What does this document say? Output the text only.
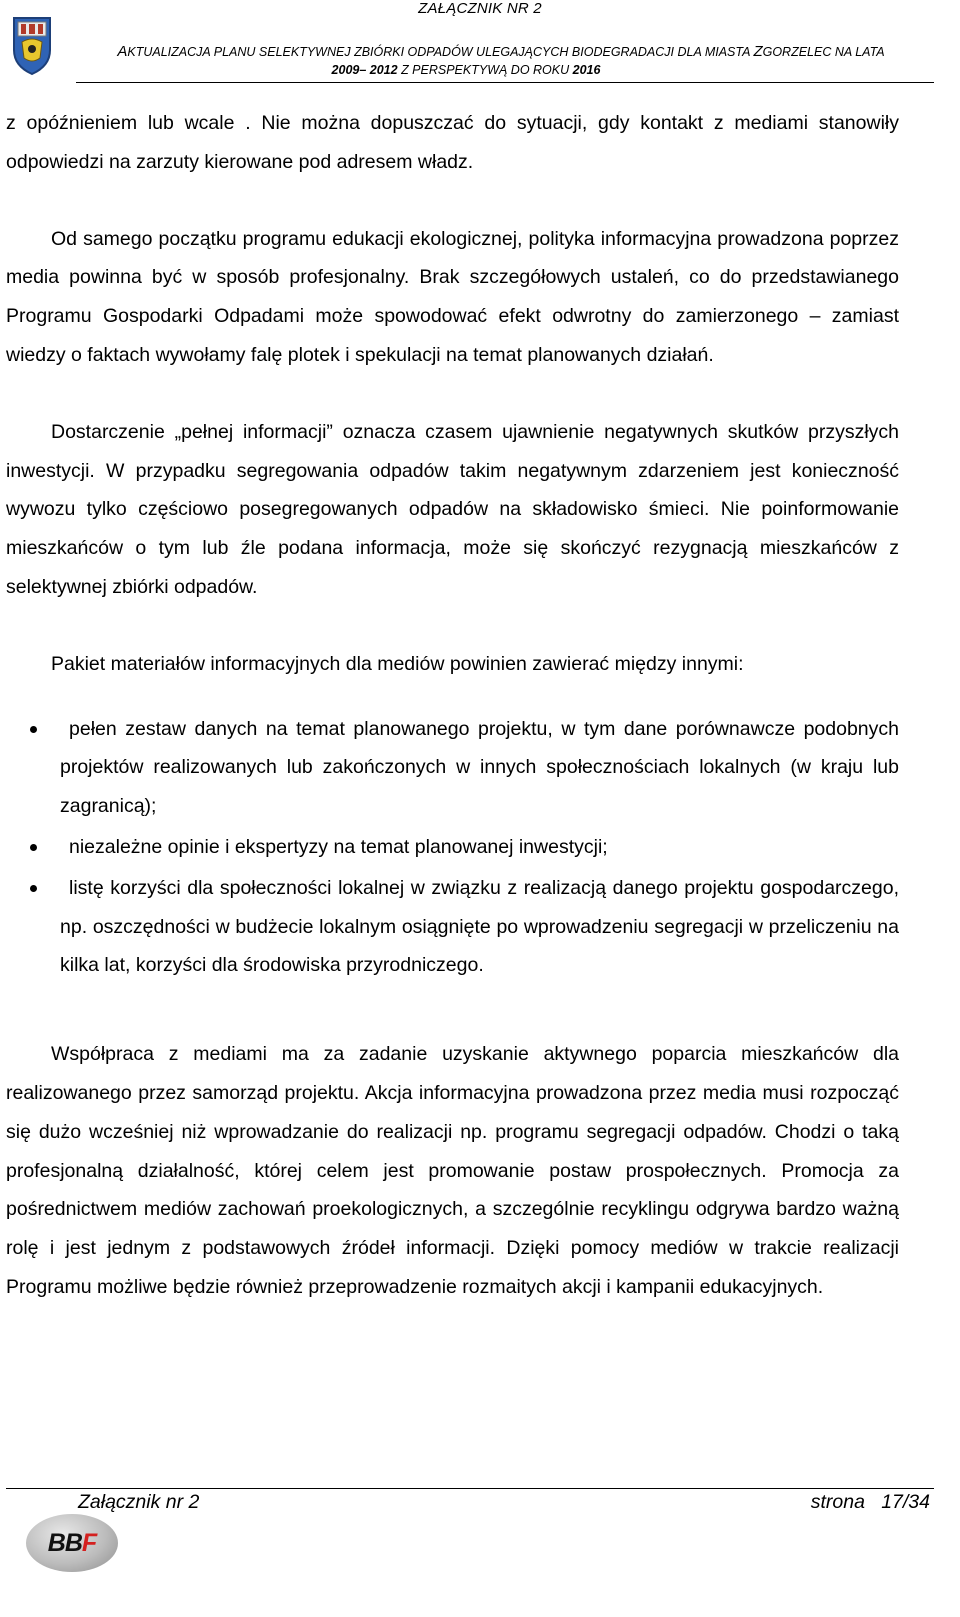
ZAŁĄCZNIK NR 2
AKTUALIZACJA PLANU SELEKTYWNEJ ZBIÓRKI ODPADÓW ULEGAJĄCYCH BIODEGRADACJI DLA MIASTA ZGORZELEC NA LATA
2009– 2012 Z PERSPEKTYWĄ DO ROKU 2016

z opóźnieniem lub wcale . Nie można dopuszczać do sytuacji, gdy kontakt z mediami stanowiły odpowiedzi na zarzuty kierowane pod adresem władz.

Od samego początku programu edukacji ekologicznej, polityka informacyjna prowadzona poprzez media powinna być w sposób profesjonalny. Brak szczegółowych ustaleń, co do przedstawianego Programu Gospodarki Odpadami może spowodować efekt odwrotny do zamierzonego – zamiast wiedzy o faktach wywołamy falę plotek i spekulacji na temat planowanych działań.

Dostarczenie „pełnej informacji” oznacza czasem ujawnienie negatywnych skutków przyszłych inwestycji. W przypadku segregowania odpadów takim negatywnym zdarzeniem jest konieczność wywozu tylko częściowo posegregowanych odpadów na składowisko śmieci. Nie poinformowanie mieszkańców o tym lub źle podana informacja, może się skończyć rezygnacją mieszkańców z selektywnej zbiórki odpadów.

Pakiet materiałów informacyjnych dla mediów powinien zawierać między innymi:

pełen zestaw danych na temat planowanego projektu, w tym dane porównawcze podobnych projektów realizowanych lub zakończonych w innych społecznościach lokalnych (w kraju lub zagranicą);
niezależne opinie i ekspertyzy na temat planowanej inwestycji;
listę korzyści dla społeczności lokalnej w związku z realizacją danego projektu gospodarczego, np. oszczędności w budżecie lokalnym osiągnięte po wprowadzeniu segregacji w przeliczeniu na kilka lat, korzyści dla środowiska przyrodniczego.

Współpraca z mediami ma za zadanie uzyskanie aktywnego poparcia mieszkańców dla realizowanego przez samorząd projektu. Akcja informacyjna prowadzona przez media musi rozpocząć się dużo wcześniej niż wprowadzanie do realizacji np. programu segregacji odpadów. Chodzi o taką profesjonalną działalność, której celem jest promowanie postaw prospołecznych. Promocja za pośrednictwem mediów zachowań proekologicznych, a szczególnie recyklingu odgrywa bardzo ważną rolę i jest jednym z podstawowych źródeł informacji. Dzięki pomocy mediów w trakcie realizacji Programu możliwe będzie również przeprowadzenie rozmaitych akcji i kampanii edukacyjnych.

Załącznik nr 2	strona   17/34
BBF
